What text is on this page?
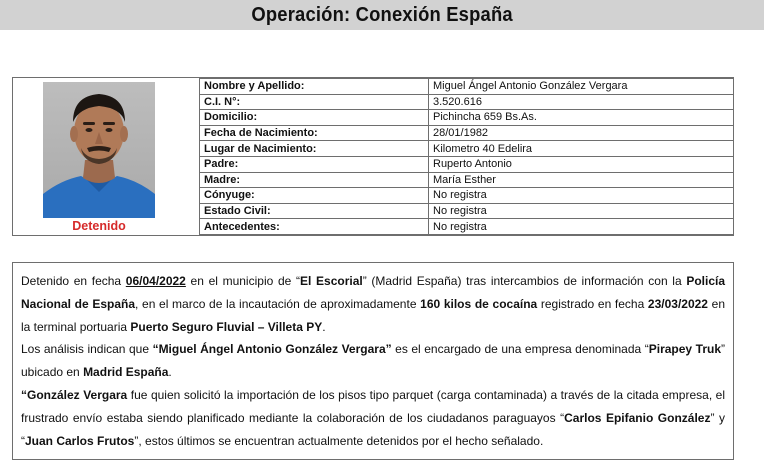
Operación: Conexión España
Detenido
Nombre y Apellido:	Miguel Ángel Antonio González Vergara
C.I. N°:	3.520.616
Domicilio:	Pichincha 659 Bs.As.
Fecha de Nacimiento:	28/01/1982
Lugar de Nacimiento:	Kilometro 40 Edelira
Padre:	Ruperto Antonio
Madre:	María Esther
Cónyuge:	No registra
Estado Civil:	No registra
Antecedentes:	No registra

Detenido en fecha 06/04/2022 en el municipio de “El Escorial” (Madrid España) tras intercambios de información con la Policía Nacional de España, en el marco de la incautación de aproximadamente 160 kilos de cocaína registrado en fecha 23/03/2022 en la terminal portuaria Puerto Seguro Fluvial – Villeta PY.

Los análisis indican que “Miguel Ángel Antonio González Vergara” es el encargado de una empresa denominada “Pirapey Truk” ubicado en Madrid España.

“González Vergara fue quien solicitó la importación de los pisos tipo parquet (carga contaminada) a través de la citada empresa, el frustrado envío estaba siendo planificado mediante la colaboración de los ciudadanos paraguayos “Carlos Epifanio González” y “Juan Carlos Frutos”, estos últimos se encuentran actualmente detenidos por el hecho señalado.
